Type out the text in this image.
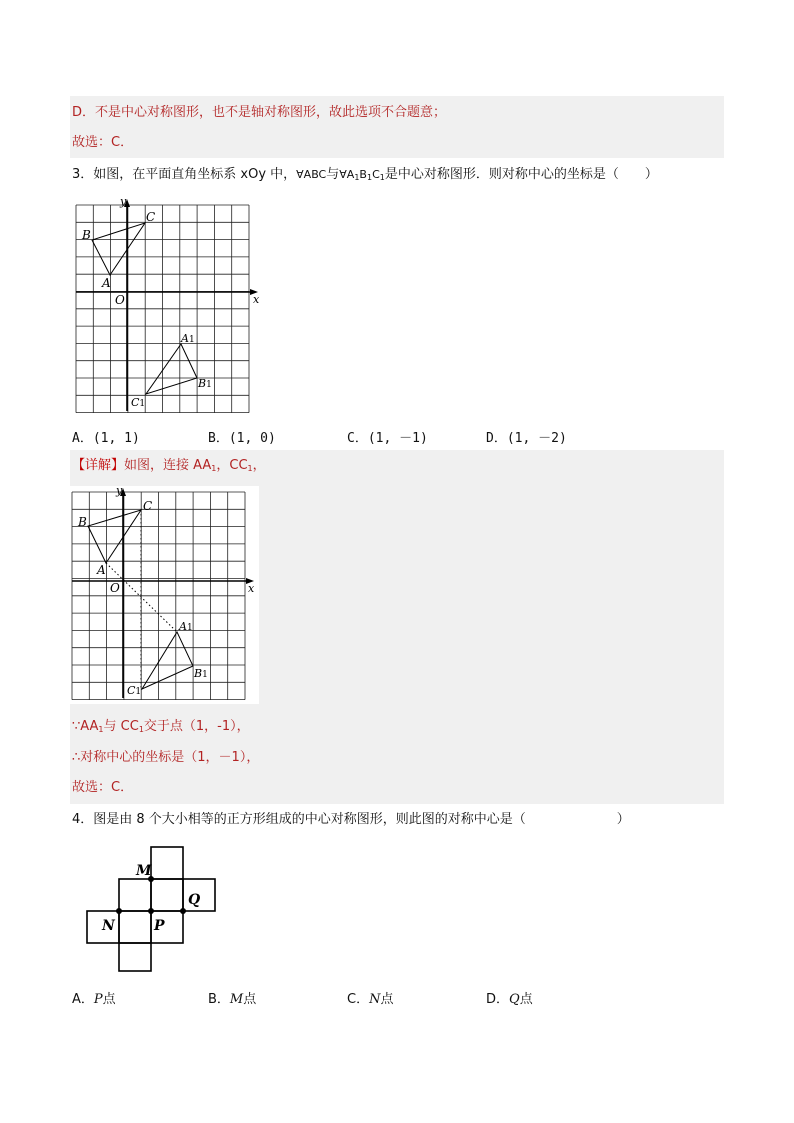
D．不是中心对称图形，也不是轴对称图形，故此选项不合题意；
故选：C．
3．如图，在平面直角坐标系 xOy 中，∀ABC与$\forall A_1B_1C_1$是中心对称图形．则对称中心的坐标是（　　）
B
C
A
O	x
y
A1
B1
C1
A．(1, 1)	B．(1, 0)	C．(1, －1)	D．(1, －2)
【详解】如图，连接 $AA_1$，$CC_1$，
B
C
A
O	x
y
A1
B1
C1
$\because AA_1$与 $CC_1$交于点（1，-1），
∴对称中心的坐标是（1，－1），
故选：C．
4．图是由 8 个大小相等的正方形组成的中心对称图形，则此图的对称中心是（　　　　　　　）
M
N	P
Q
A．P点	B．M点	C．N点	D．Q点
